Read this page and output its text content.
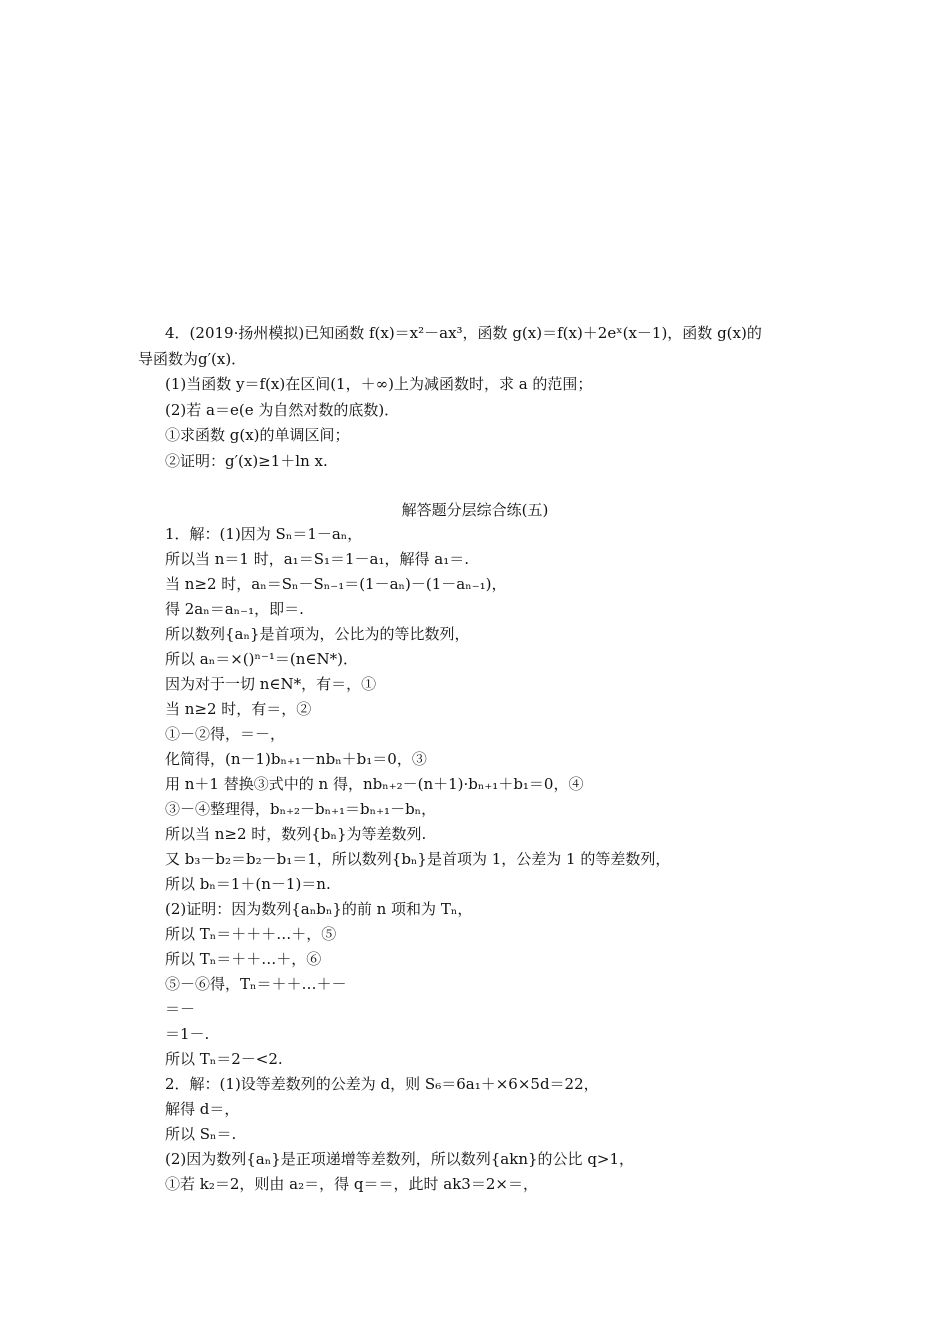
4．(2019·扬州模拟)已知函数 f(x)＝x²－ax³，函数 g(x)＝f(x)＋2eˣ(x－1)，函数 g(x)的
导函数为g′(x)．
(1)当函数 y＝f(x)在区间(1，＋∞)上为减函数时，求 a 的范围；
(2)若 a＝e(e 为自然对数的底数)．
①求函数 g(x)的单调区间；
②证明：g′(x)≥1＋ln x.
解答题分层综合练(五)
1．解：(1)因为 Sₙ＝1－aₙ，
所以当 n＝1 时，a₁＝S₁＝1－a₁，解得 a₁＝.
当 n≥2 时，aₙ＝Sₙ－Sₙ₋₁＝(1－aₙ)－(1－aₙ₋₁)，
得 2aₙ＝aₙ₋₁，即＝.
所以数列{aₙ}是首项为，公比为的等比数列，
所以 aₙ＝×()ⁿ⁻¹＝(n∈N*)．
因为对于一切 n∈N*，有＝，①
当 n≥2 时，有＝，②
①－②得，＝－，
化简得，(n－1)bₙ₊₁－nbₙ＋b₁＝0，③
用 n＋1 替换③式中的 n 得，nbₙ₊₂－(n＋1)·bₙ₊₁＋b₁＝0，④
③－④整理得，bₙ₊₂－bₙ₊₁＝bₙ₊₁－bₙ，
所以当 n≥2 时，数列{bₙ}为等差数列.
又 b₃－b₂＝b₂－b₁＝1，所以数列{bₙ}是首项为 1，公差为 1 的等差数列，
所以 bₙ＝1＋(n－1)＝n.
(2)证明：因为数列{aₙbₙ}的前 n 项和为 Tₙ，
所以 Tₙ＝＋＋＋…＋，⑤
所以 Tₙ＝＋＋…＋，⑥
⑤－⑥得，Tₙ＝＋＋…＋－
＝－
＝1－.
所以 Tₙ＝2－<2.
2．解：(1)设等差数列的公差为 d，则 S₆＝6a₁＋×6×5d＝22，
解得 d＝，
所以 Sₙ＝.
(2)因为数列{aₙ}是正项递增等差数列，所以数列{akn}的公比 q>1，
①若 k₂＝2，则由 a₂＝，得 q＝＝，此时 ak3＝2×＝，
